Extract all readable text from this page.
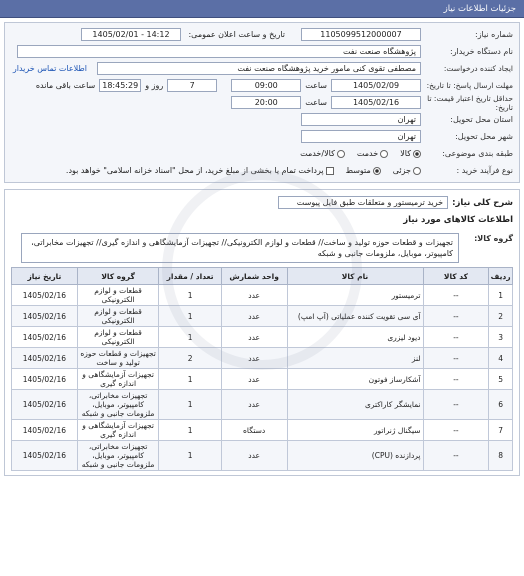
جزئیات اطلاعات نیاز
شماره نیاز:
1105099512000007
تاریخ و ساعت اعلان عمومی:
1405/02/01 - 14:12
نام دستگاه خریدار:
پژوهشگاه صنعت نفت
ایجاد کننده درخواست:
مصطفی تقوی کنی مامور خرید پژوهشگاه صنعت نفت
اطلاعات تماس خریدار
مهلت ارسال پاسخ: تا تاریخ:
1405/02/09
ساعت
09:00
7
روز و
18:45:29
ساعت باقی مانده
حداقل تاریخ اعتبار قیمت: تا تاریخ:
1405/02/16
ساعت
20:00
استان محل تحویل:
تهران
شهر محل تحویل:
تهران
طبقه بندی موضوعی:
کالا
خدمت
کالا/خدمت
نوع فرآیند خرید :
جزئی
متوسط
پرداخت تمام یا بخشی از مبلغ خرید، از محل "اسناد خزانه اسلامی" خواهد بود.
شرح کلی نیاز:
خرید ترمیستور و متعلقات طبق فایل پیوست
اطلاعات کالاهای مورد نیاز
گروه کالا:
تجهیزات و قطعات حوزه تولید و ساخت// قطعات و لوازم الکترونیکی// تجهیزات آزمایشگاهی و اندازه گیری// تجهیزات مخابراتی، کامپیوتر، موبایل، ملزومات جانبی و شبکه
ردیف	کد کالا	نام کالا	واحد شمارش	تعداد / مقدار	گروه کالا	تاریخ نیاز
1	--	ترمیستور	عدد	1	قطعات و لوازم الکترونیکی	1405/02/16
2	--	آی سی تقویت کننده عملیاتی (آپ امپ)	عدد	1	قطعات و لوازم الکترونیکی	1405/02/16
3	--	دیود لیزری	عدد	1	قطعات و لوازم الکترونیکی	1405/02/16
4	--	لنز	عدد	2	تجهیزات و قطعات حوزه تولید و ساخت	1405/02/16
5	--	آشکارساز فوتون	عدد	1	تجهیزات آزمایشگاهی و اندازه گیری	1405/02/16
6	--	نمایشگر کاراکتری	عدد	1	تجهیزات مخابراتی، کامپیوتر، موبایل، ملزومات جانبی و شبکه	1405/02/16
7	--	سیگنال ژنراتور	دستگاه	1	تجهیزات آزمایشگاهی و اندازه گیری	1405/02/16
8	--	پردازنده (CPU)	عدد	1	تجهیزات مخابراتی، کامپیوتر، موبایل، ملزومات جانبی و شبکه	1405/02/16
